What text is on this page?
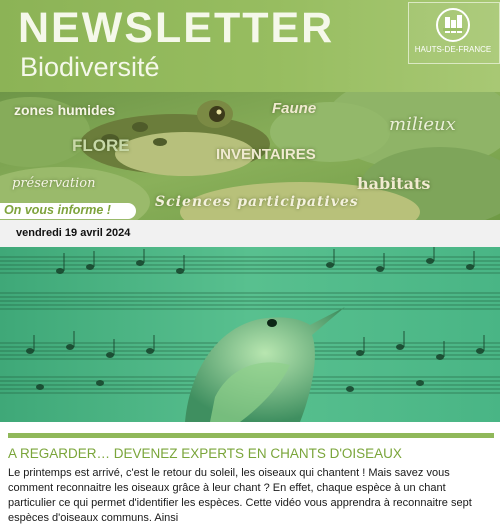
NEWSLETTER
Biodiversité
HAUTS-DE-FRANCE
zones humides	Faune
milieux
FLORE	INVENTAIRES
préservation	habitats
Sciences participatives
On vous informe !
vendredi 19 avril 2024
A REGARDER… DEVENEZ EXPERTS EN CHANTS D'OISEAUX
Le printemps est arrivé, c'est le retour du soleil, les oiseaux qui chantent ! Mais savez vous comment reconnaitre les oiseaux grâce à leur chant ? En effet, chaque espèce à un chant particulier ce qui permet d'identifier les espèces. Cette vidéo vous apprendra à reconnaitre sept espèces d'oiseaux communs. Ainsi
